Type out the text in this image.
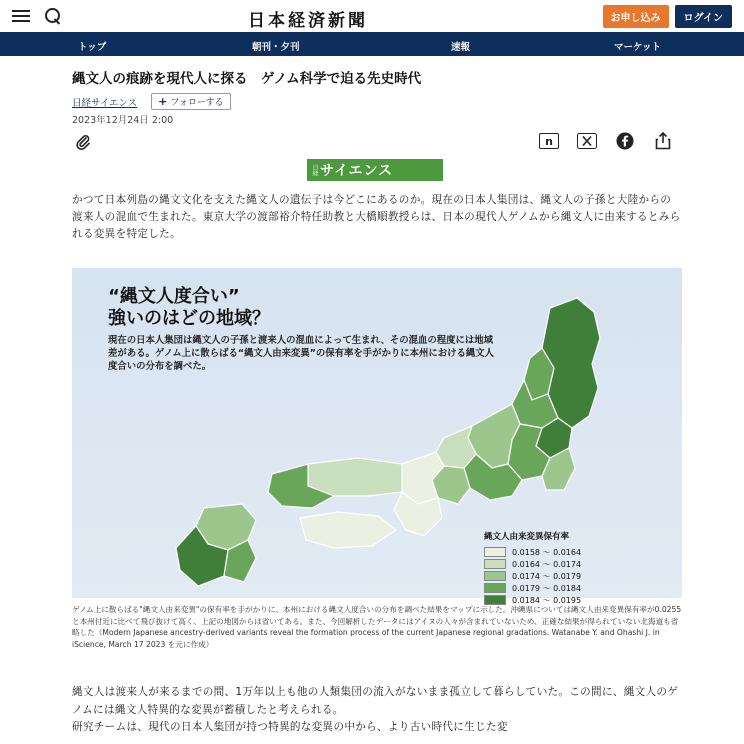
日本経済新聞	お申し込み	ログイン
トップ	朝刊・夕刊	速報	マーケット
縄文人の痕跡を現代人に探る　ゲノム科学で迫る先史時代
日経サイエンス + フォローする
2023年12月24日 2:00
n
日経 サイエンス

かつて日本列島の縄文文化を支えた縄文人の遺伝子は今どこにあるのか。現在の日本人集団は、縄文人の子孫と大陸からの渡来人の混血で生まれた。東京大学の渡部裕介特任助教と大橋順教授らは、日本の現代人ゲノムから縄文人に由来するとみられる変異を特定した。

“縄文人度合い”
強いのはどの地域？

現在の日本人集団は縄文人の子孫と渡来人の混血によって生まれ、その混血の程度には地域差がある。ゲノム上に散らばる“縄文人由来変異”の保有率を手がかりに本州における縄文人度合いの分布を調べた。

縄文人由来変異保有率
0.0158 ～ 0.0164
0.0164 ～ 0.0174
0.0174 ～ 0.0179
0.0179 ～ 0.0184
0.0184 ～ 0.0195

ゲノム上に散らばる"縄文人由来変異"の保有率を手がかりに、本州における縄文人度合いの分布を調べた結果をマップに示した。沖縄県については縄文人由来変異保有率が0.0255と本州付近に比べて飛び抜けて高く、上記の地図からは省いてある。また、今回解析したデータにはアイヌの人々が含まれていないため、正確な結果が得られていない北海道も省略した（Modern Japanese ancestry-derived variants reveal the formation process of the current Japanese regional gradations. Watanabe Y. and Ohashi J. in iScience, March 17 2023 を元に作成）

縄文人は渡来人が来るまでの間、1万年以上も他の人類集団の流入がないまま孤立して暮らしていた。この間に、縄文人のゲノムには縄文人特異的な変異が蓄積したと考えられる。

研究チームは、現代の日本人集団が持つ特異的な変異の中から、より古い時代に生じた変
